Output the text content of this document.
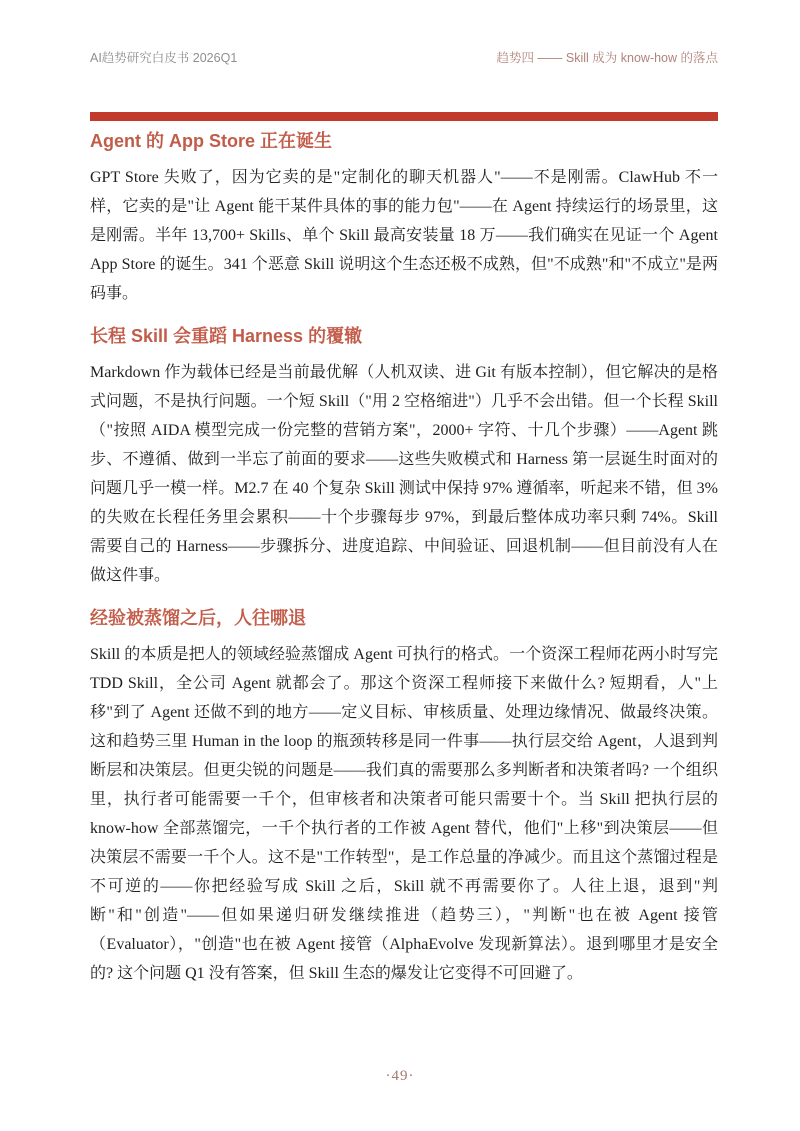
AI趋势研究白皮书 2026Q1	趋势四 —— Skill 成为 know-how 的落点
Agent 的 App Store 正在诞生

GPT Store 失败了，因为它卖的是"定制化的聊天机器人"——不是刚需。ClawHub 不一样，它卖的是"让 Agent 能干某件具体的事的能力包"——在 Agent 持续运行的场景里，这是刚需。半年 13,700+ Skills、单个 Skill 最高安装量 18 万——我们确实在见证一个 Agent App Store 的诞生。341 个恶意 Skill 说明这个生态还极不成熟，但"不成熟"和"不成立"是两码事。

长程 Skill 会重蹈 Harness 的覆辙

Markdown 作为载体已经是当前最优解（人机双读、进 Git 有版本控制），但它解决的是格式问题，不是执行问题。一个短 Skill（"用 2 空格缩进"）几乎不会出错。但一个长程 Skill（"按照 AIDA 模型完成一份完整的营销方案"，2000+ 字符、十几个步骤）——Agent 跳步、不遵循、做到一半忘了前面的要求——这些失败模式和 Harness 第一层诞生时面对的问题几乎一模一样。M2.7 在 40 个复杂 Skill 测试中保持 97% 遵循率，听起来不错，但 3% 的失败在长程任务里会累积——十个步骤每步 97%，到最后整体成功率只剩 74%。Skill 需要自己的 Harness——步骤拆分、进度追踪、中间验证、回退机制——但目前没有人在做这件事。

经验被蒸馏之后，人往哪退

Skill 的本质是把人的领域经验蒸馏成 Agent 可执行的格式。一个资深工程师花两小时写完 TDD Skill，全公司 Agent 就都会了。那这个资深工程师接下来做什么? 短期看，人"上移"到了 Agent 还做不到的地方——定义目标、审核质量、处理边缘情况、做最终决策。这和趋势三里 Human in the loop 的瓶颈转移是同一件事——执行层交给 Agent，人退到判断层和决策层。但更尖锐的问题是——我们真的需要那么多判断者和决策者吗? 一个组织里，执行者可能需要一千个，但审核者和决策者可能只需要十个。当 Skill 把执行层的 know-how 全部蒸馏完，一千个执行者的工作被 Agent 替代，他们"上移"到决策层——但决策层不需要一千个人。这不是"工作转型"，是工作总量的净减少。而且这个蒸馏过程是不可逆的——你把经验写成 Skill 之后，Skill 就不再需要你了。人往上退，退到"判断"和"创造"——但如果递归研发继续推进（趋势三），"判断"也在被 Agent 接管（Evaluator），"创造"也在被 Agent 接管（AlphaEvolve 发现新算法）。退到哪里才是安全的? 这个问题 Q1 没有答案，但 Skill 生态的爆发让它变得不可回避了。

·49·
